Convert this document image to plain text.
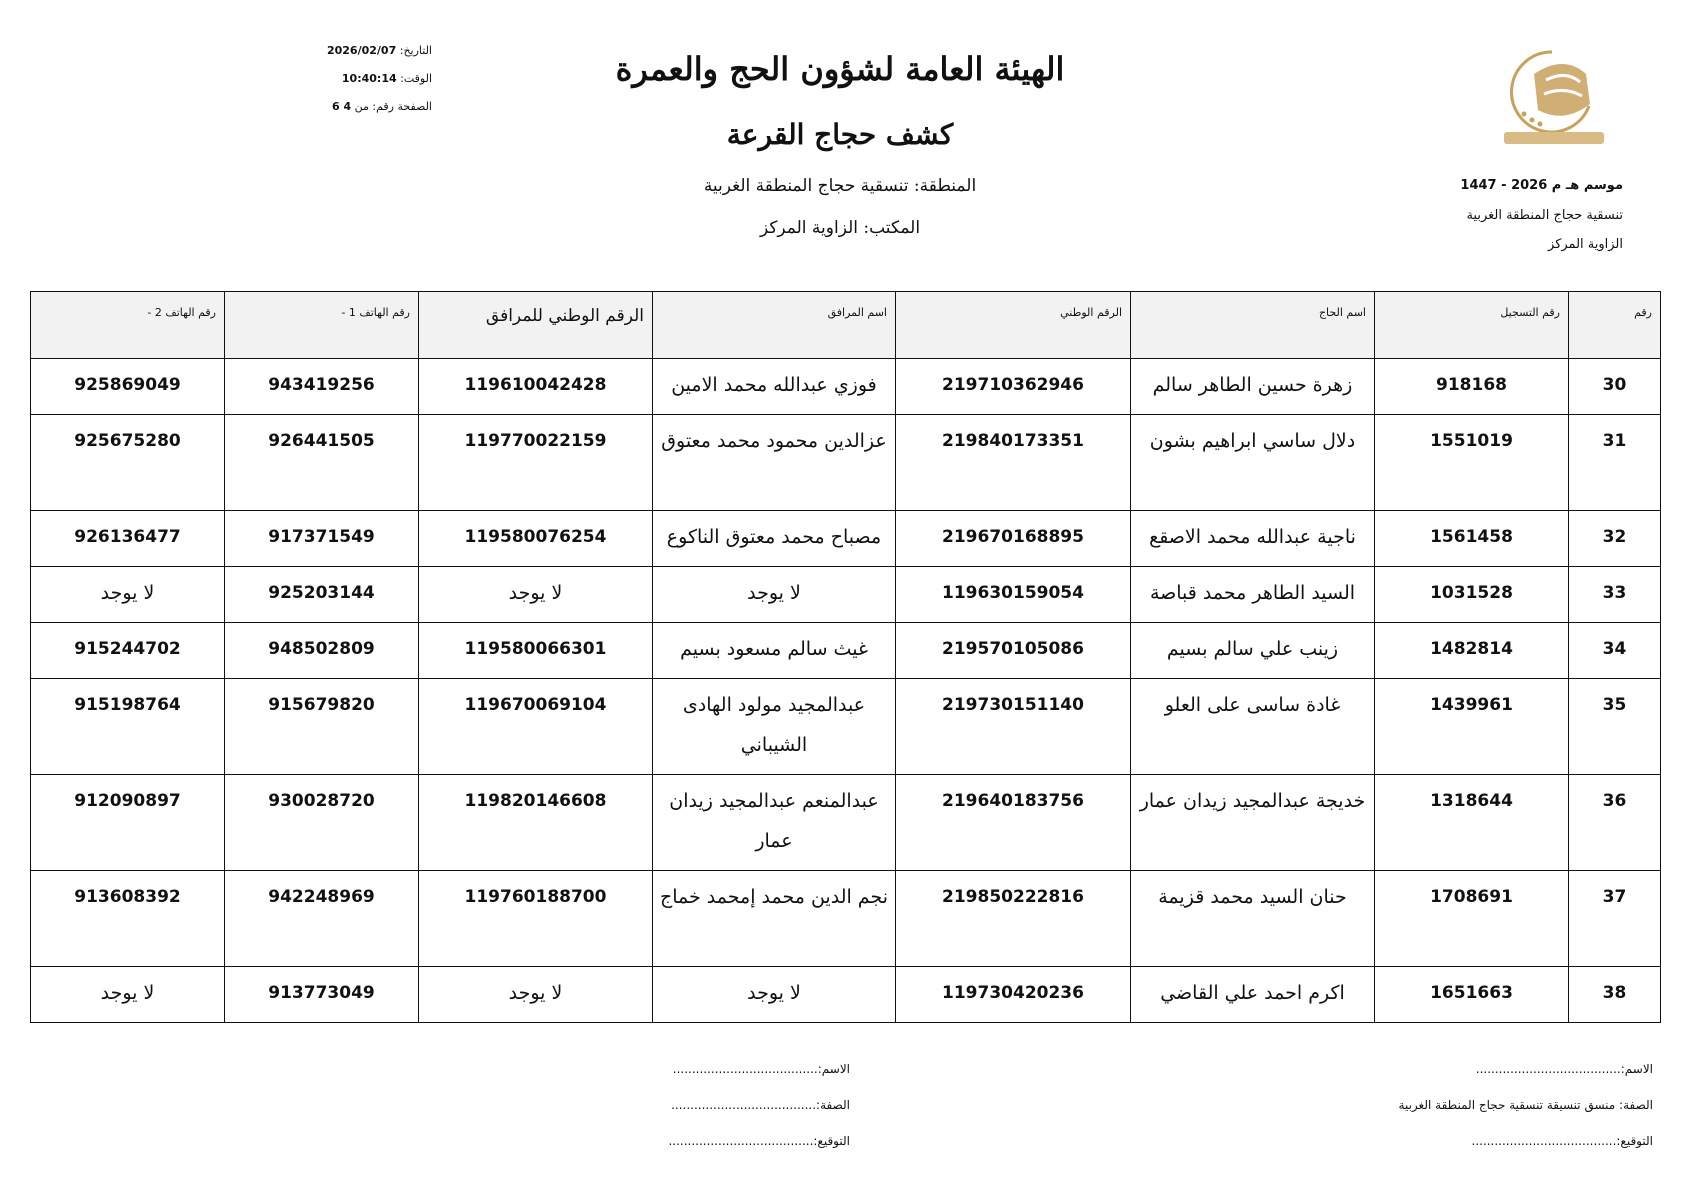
التاريخ: 2026/02/07
الوقت: 10:40:14
الصفحة رقم: من 4 6
الهيئة العامة لشؤون الحج والعمرة
كشف حجاج القرعة
المنطقة: تنسقية حجاج المنطقة الغربية
المكتب: الزاوية المركز
موسم هـ م 2026 - 1447
تنسقية حجاج المنطقة الغربية
الزاوية المركز
رقم	رقم التسجيل	اسم الحاج	الرقم الوطني	اسم المرافق	الرقم الوطني للمرافق	رقم الهاتف 1 -	رقم الهاتف 2 -
30	918168	زهرة حسين الطاهر سالم	219710362946	فوزي عبدالله محمد الامين	119610042428	943419256	925869049
31	1551019	دلال ساسي ابراهيم بشون	219840173351	عزالدين محمود محمد معتوق	119770022159	926441505	925675280
32	1561458	ناجية عبدالله محمد الاصقع	219670168895	مصباح محمد معتوق الناكوع	119580076254	917371549	926136477
33	1031528	السيد الطاهر محمد قباصة	119630159054	لا يوجد	لا يوجد	925203144	لا يوجد
34	1482814	زينب علي سالم بسيم	219570105086	غيث سالم مسعود بسيم	119580066301	948502809	915244702
35	1439961	غادة ساسى على العلو	219730151140	عبدالمجيد مولود الهادى الشيباني	119670069104	915679820	915198764
36	1318644	خديجة عبدالمجيد زيدان عمار	219640183756	عبدالمنعم عبدالمجيد زيدان عمار	119820146608	930028720	912090897
37	1708691	حنان السيد محمد قزيمة	219850222816	نجم الدين محمد إمحمد خماج	119760188700	942248969	913608392
38	1651663	اكرم احمد علي القاضي	119730420236	لا يوجد	لا يوجد	913773049	لا يوجد
الاسم:......................................
الصفة: منسق تنسيقة تنسقية حجاج المنطقة الغربية
التوقيع:......................................
الاسم:......................................
الصفة:......................................
التوقيع:......................................
